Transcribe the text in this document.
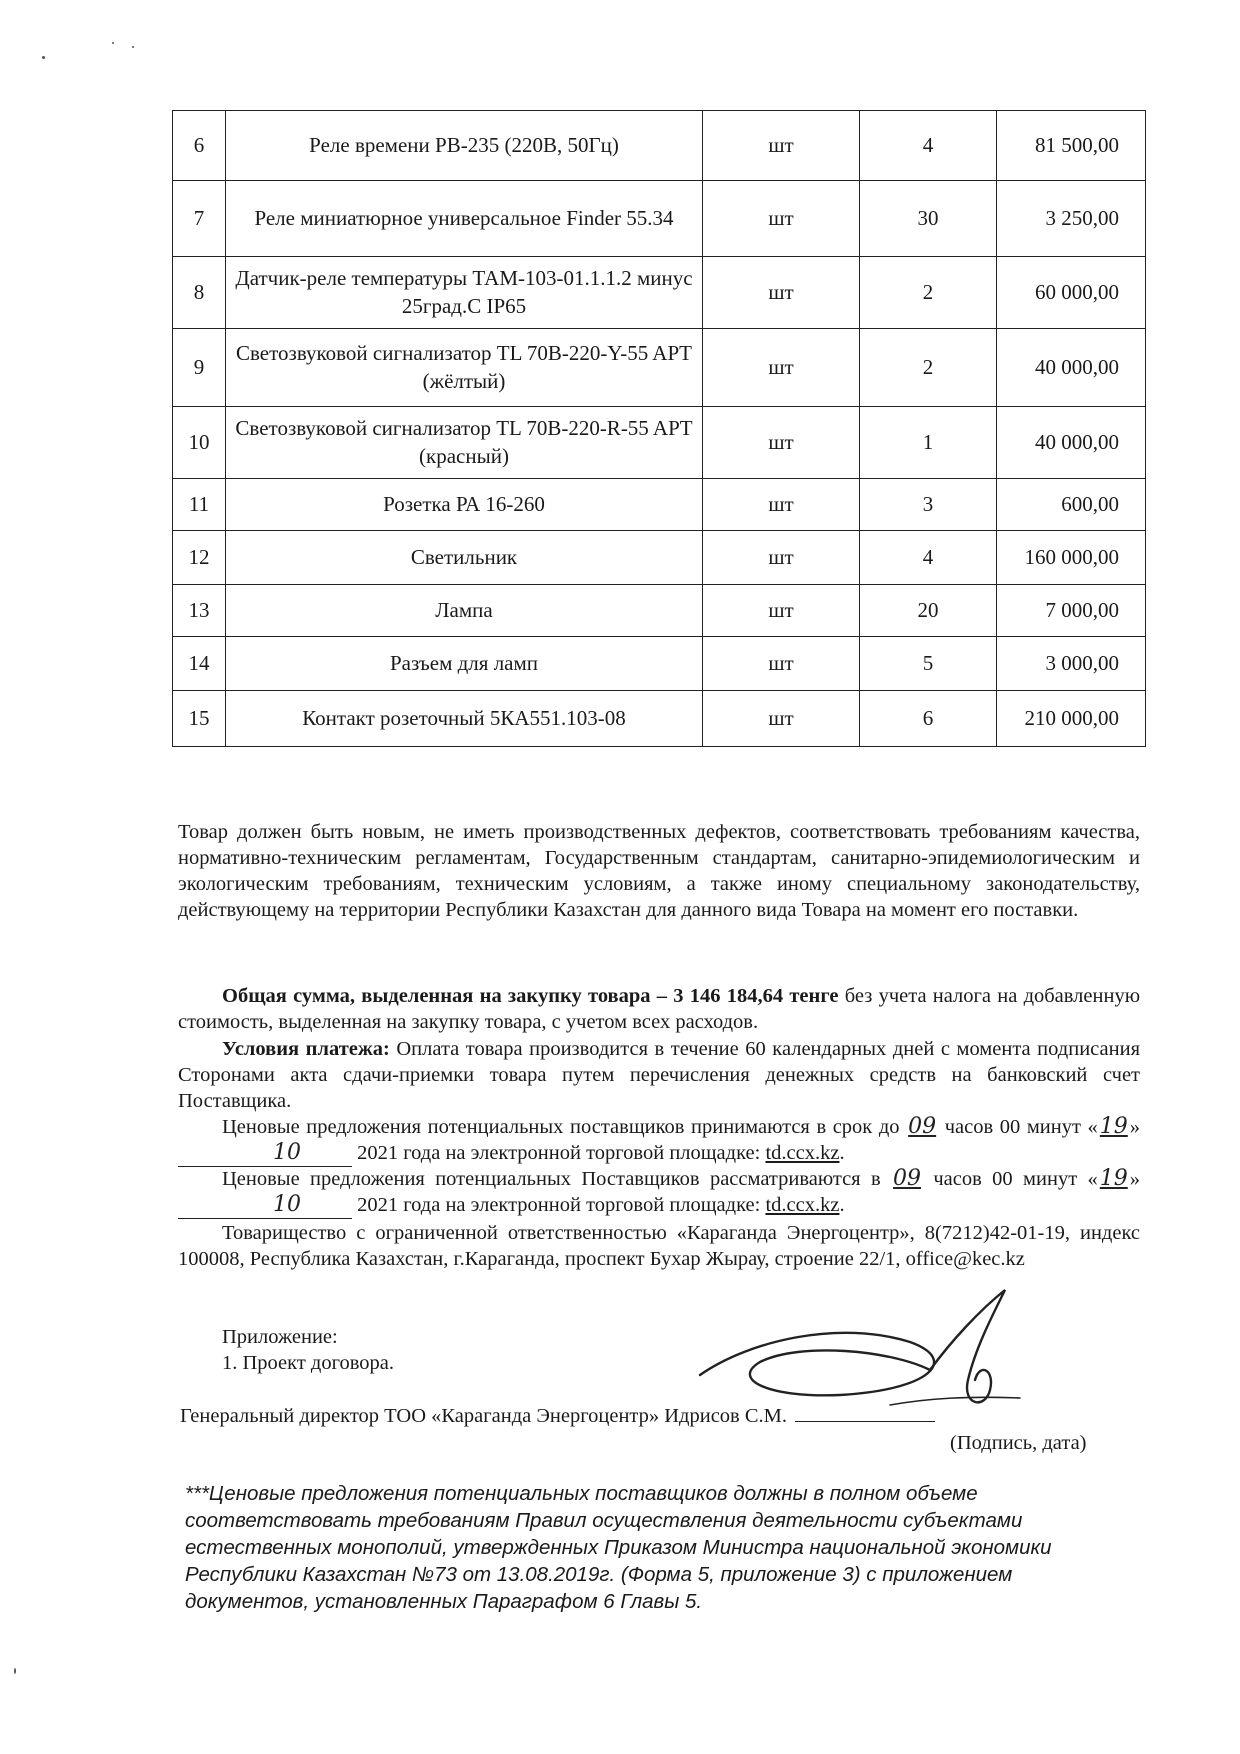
6	Реле времени РВ-235 (220В, 50Гц)	шт	4	81 500,00
7	Реле миниатюрное универсальное Finder 55.34	шт	30	3 250,00
8	Датчик-реле температуры ТАМ-103-01.1.1.2 минус 25град.С IP65	шт	2	60 000,00
9	Светозвуковой сигнализатор TL 70B-220-Y-55 APT (жёлтый)	шт	2	40 000,00
10	Светозвуковой сигнализатор TL 70B-220-R-55 APT (красный)	шт	1	40 000,00
11	Розетка РА 16-260	шт	3	600,00
12	Светильник	шт	4	160 000,00
13	Лампа	шт	20	7 000,00
14	Разъем для ламп	шт	5	3 000,00
15	Контакт розеточный 5КА551.103-08	шт	6	210 000,00
Товар должен быть новым, не иметь производственных дефектов, соответствовать требованиям качества, нормативно-техническим регламентам, Государственным стандартам, санитарно-эпидемиологическим и экологическим требованиям, техническим условиям, а также иному специальному законодательству, действующему на территории Республики Казахстан для данного вида Товара на момент его поставки.
Общая сумма, выделенная на закупку товара – 3 146 184,64 тенге без учета налога на добавленную стоимость, выделенная на закупку товара, с учетом всех расходов.
Условия платежа: Оплата товара производится в течение 60 календарных дней с момента подписания Сторонами акта сдачи-приемки товара путем перечисления денежных средств на банковский счет Поставщика.
Ценовые предложения потенциальных поставщиков принимаются в срок до 09 часов 00 минут «19» 10	2021 года на электронной торговой площадке: td.ccx.kz.
Ценовые предложения потенциальных Поставщиков рассматриваются в 09 часов 00 минут «19» 10	2021 года на электронной торговой площадке: td.ccx.kz.
Товарищество с ограниченной ответственностью «Караганда Энергоцентр», 8(7212)42-01-19, индекс 100008, Республика Казахстан, г.Караганда, проспект Бухар Жырау, строение 22/1, office@kec.kz
Приложение:
1. Проект договора.
Генеральный директор ТОО «Караганда Энергоцентр» Идрисов С.М.
(Подпись, дата)
***Ценовые предложения потенциальных поставщиков должны в полном объеме соответствовать требованиям Правил осуществления деятельности субъектами естественных монополий, утвержденных Приказом Министра национальной экономики Республики Казахстан №73 от 13.08.2019г. (Форма 5, приложение 3) с приложением документов, установленных Параграфом 6 Главы 5.
